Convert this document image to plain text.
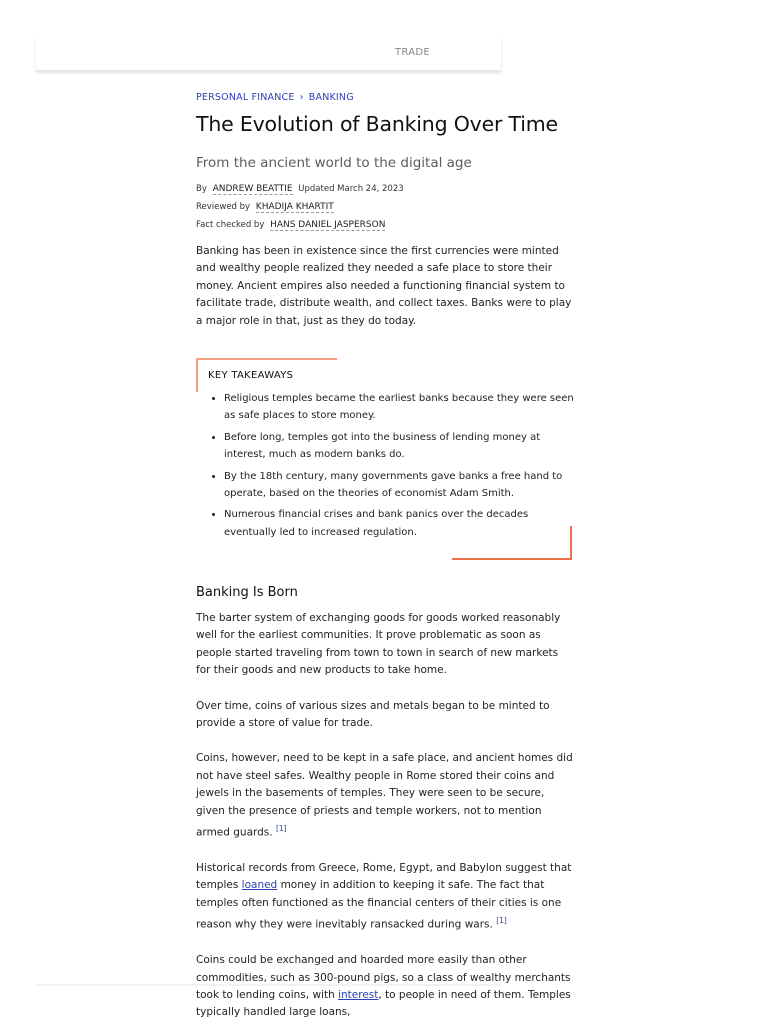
TRADE
PERSONAL FINANCE › BANKING
The Evolution of Banking Over Time
From the ancient world to the digital age
By ANDREW BEATTIE Updated March 24, 2023
Reviewed by KHADIJA KHARTIT
Fact checked by HANS DANIEL JASPERSON

Banking has been in existence since the first currencies were minted and wealthy people realized they needed a safe place to store their money. Ancient empires also needed a functioning financial system to facilitate trade, distribute wealth, and collect taxes. Banks were to play a major role in that, just as they do today.

KEY TAKEAWAYS
• Religious temples became the earliest banks because they were seen as safe places to store money.
• Before long, temples got into the business of lending money at interest, much as modern banks do.
• By the 18th century, many governments gave banks a free hand to operate, based on the theories of economist Adam Smith.
• Numerous financial crises and bank panics over the decades eventually led to increased regulation.
Banking Is Born

The barter system of exchanging goods for goods worked reasonably well for the earliest communities. It prove problematic as soon as people started traveling from town to town in search of new markets for their goods and new products to take home.

Over time, coins of various sizes and metals began to be minted to provide a store of value for trade.

Coins, however, need to be kept in a safe place, and ancient homes did not have steel safes. Wealthy people in Rome stored their coins and jewels in the basements of temples. They were seen to be secure, given the presence of priests and temple workers, not to mention armed guards. [1]

Historical records from Greece, Rome, Egypt, and Babylon suggest that temples loaned money in addition to keeping it safe. The fact that temples often functioned as the financial centers of their cities is one reason why they were inevitably ransacked during wars. [1]

Coins could be exchanged and hoarded more easily than other commodities, such as 300-pound pigs, so a class of wealthy merchants took to lending coins, with interest, to people in need of them. Temples typically handled large loans,
